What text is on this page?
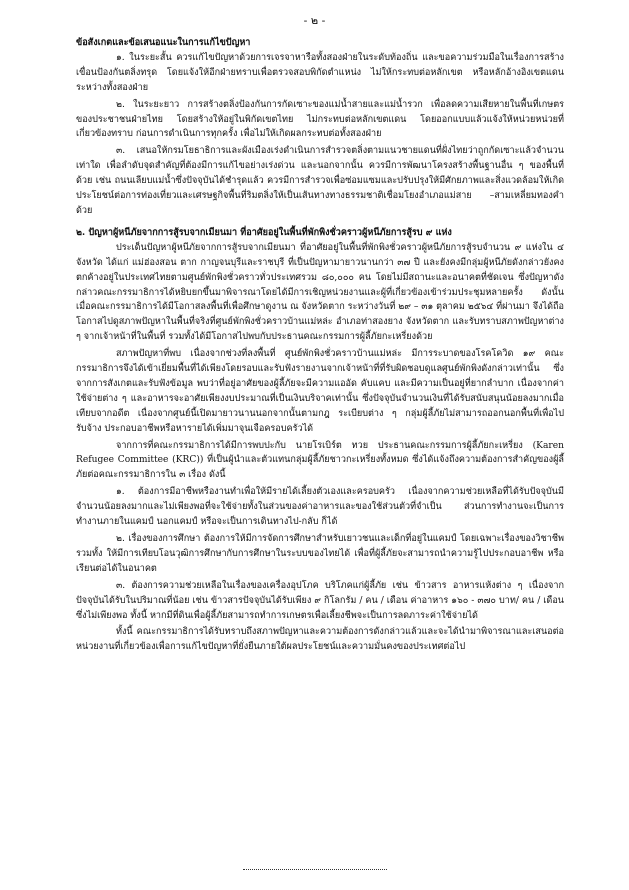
- ๒ -

ข้อสังเกตและข้อเสนอแนะในการแก้ไขปัญหา

๑. ในระยะสั้น ควรแก้ไขปัญหาด้วยการเจรจาหารือทั้งสองฝ่ายในระดับท้องถิ่น และขอความร่วมมือในเรื่องการสร้างเขื่อนป้องกันตลิ่งทรุด โดยแจ้งให้อีกฝ่ายทราบเพื่อตรวจสอบพิกัดตำแหน่ง ไม่ให้กระทบต่อหลักเขต หรือหลักอ้างอิงเขตแดนระหว่างทั้งสองฝ่าย

๒. ในระยะยาว การสร้างตลิ่งป้องกันการกัดเซาะของแม่น้ำสายและแม่น้ำรวก เพื่อลดความเสียหายในพื้นที่เกษตรของประชาชนฝ่ายไทย โดยสร้างให้อยู่ในพิกัดเขตไทย ไม่กระทบต่อหลักเขตแดน โดยออกแบบแล้วแจ้งให้หน่วยหน่วยที่เกี่ยวข้องทราบ ก่อนการดำเนินการทุกครั้ง เพื่อไม่ให้เกิดผลกระทบต่อทั้งสองฝ่าย

๓. เสนอให้กรมโยธาธิการและผังเมืองเร่งดำเนินการสำรวจตลิ่งตามแนวชายแดนที่ฝั่งไทยว่าถูกกัดเซาะแล้วจำนวนเท่าใด เพื่อลำดับจุดสำคัญที่ต้องมีการแก้ไขอย่างเร่งด่วน และนอกจากนั้น ควรมีการพัฒนาโครงสร้างพื้นฐานอื่น ๆ ของพื้นที่ด้วย เช่น ถนนเลียบแม่น้ำซึ่งปัจจุบันได้ชำรุดแล้ว ควรมีการสำรวจเพื่อซ่อมแซมและปรับปรุงให้มีศักยภาพและสิ่งแวดล้อมให้เกิดประโยชน์ต่อการท่องเที่ยวและเศรษฐกิจพื้นที่ริมตลิ่งให้เป็นเส้นทางทางธรรมชาติเชื่อมโยงอำเภอแม่สาย –สามเหลี่ยมทองคำด้วย

๒. ปัญหาผู้หนีภัยจากการสู้รบจากเมียนมา ที่อาศัยอยู่ในพื้นที่พักพิงชั่วคราวผู้หนีภัยการสู้รบ ๙ แห่ง

ประเด็นปัญหาผู้หนีภัยจากการสู้รบจากเมียนมา ที่อาศัยอยู่ในพื้นที่พักพิงชั่วคราวผู้หนีภัยการสู้รบจำนวน ๙ แห่งใน ๔ จังหวัด ได้แก่ แม่ฮ่องสอน ตาก กาญจนบุรีและราชบุรี ที่เป็นปัญหามายาวนานกว่า ๓๗ ปี และยังคงมีกลุ่มผู้หนีภัยดังกล่าวยังคงตกค้างอยู่ในประเทศไทยตามศูนย์พักพิงชั่วคราวทั่วประเทศรวม ๘๐,๐๐๐ คน โดยไม่มีสถานะและอนาคตที่ชัดเจน ซึ่งปัญหาดังกล่าวคณะกรรมาธิการได้หยิบยกขึ้นมาพิจารณาโดยได้มีการเชิญหน่วยงานและผู้ที่เกี่ยวข้องเข้าร่วมประชุมหลายครั้ง ดังนั้น เมื่อคณะกรรมาธิการได้มีโอกาสลงพื้นที่เพื่อศึกษาดูงาน ณ จังหวัดตาก ระหว่างวันที่ ๒๙ – ๓๑ ตุลาคม ๒๕๖๔ ที่ผ่านมา จึงได้ถือโอกาสไปดูสภาพปัญหาในพื้นที่จริงที่ศูนย์พักพิงชั่วคราวบ้านแม่หล่ะ อำเภอท่าสองยาง จังหวัดตาก และรับทราบสภาพปัญหาต่าง ๆ จากเจ้าหน้าที่ในพื้นที่ รวมทั้งได้มีโอกาสไปพบกับประธานคณะกรรมการผู้ลี้ภัยกะเหรี่ยงด้วย

สภาพปัญหาที่พบ เนื่องจากช่วงที่ลงพื้นที่ ศูนย์พักพิงชั่วคราวบ้านแม่หล่ะ มีการระบาดของโรคโควิด ๑๙ คณะกรรมาธิการจึงได้เข้าเยี่ยมพื้นที่ได้เพียงโดยรอบและรับฟังรายงานจากเจ้าหน้าที่ที่รับผิดชอบดูแลศูนย์พักพิงดังกล่าวเท่านั้น ซึ่งจากการสังเกตและรับฟังข้อมูล พบว่าที่อยู่อาศัยของผู้ลี้ภัยจะมีความแออัด คับแคบ และมีความเป็นอยู่ที่ยากลำบาก เนื่องจากค่าใช้จ่ายต่าง ๆ และอาหารจะอาศัยเพียงงบประมาณที่เป็นเงินบริจาคเท่านั้น ซึ่งปัจจุบันจำนวนเงินที่ได้รับสนับสนุนน้อยลงมากเมื่อเทียบจากอดีต เนื่องจากศูนย์นี้เปิดมายาวนานนอกจากนั้นตามกฎ ระเบียบต่าง ๆ กลุ่มผู้ลี้ภัยไม่สามารถออกนอกพื้นที่เพื่อไปรับจ้าง ประกอบอาชีพหรือหารายได้เพิ่มมาจุนเจือครอบครัวได้

จากการที่คณะกรรมาธิการได้มีการพบปะกับ นายโรเบิร์ต ทวย ประธานคณะกรรมการผู้ลี้ภัยกะเหรี่ยง (Karen Refugee Committee (KRC)) ที่เป็นผู้นำและตัวแทนกลุ่มผู้ลี้ภัยชาวกะเหรี่ยงทั้งหมด ซึ่งได้แจ้งถึงความต้องการสำคัญของผู้ลี้ภัยต่อคณะกรรมาธิการใน ๓ เรื่อง ดังนี้

๑. ต้องการมีอาชีพหรืองานทำเพื่อให้มีรายได้เลี้ยงตัวเองและครอบครัว เนื่องจากความช่วยเหลือที่ได้รับปัจจุบันมีจำนวนน้อยลงมากและไม่เพียงพอที่จะใช้จ่ายทั้งในส่วนของค่าอาหารและของใช้ส่วนตัวที่จำเป็น ส่วนการทำงานจะเป็นการทำงานภายในแคมป์ นอกแคมป์ หรือจะเป็นการเดินทางไป-กลับ ก็ได้

๒. เรื่องของการศึกษา ต้องการให้มีการจัดการศึกษาสำหรับเยาวชนและเด็กที่อยู่ในแคมป์ โดยเฉพาะเรื่องของวิชาชีพ รวมทั้ง ให้มีการเทียบโอนวุฒิการศึกษากับการศึกษาในระบบของไทยได้ เพื่อที่ผู้ลี้ภัยจะสามารถนำความรู้ไปประกอบอาชีพ หรือเรียนต่อได้ในอนาคต

๓. ต้องการความช่วยเหลือในเรื่องของเครื่องอุปโภค บริโภคแก่ผู้ลี้ภัย เช่น ข้าวสาร อาหารแห้งต่าง ๆ เนื่องจากปัจจุบันได้รับในปริมาณที่น้อย เช่น ข้าวสารปัจจุบันได้รับเพียง ๙ กิโลกรัม / คน / เดือน ค่าอาหาร ๑๖๐ - ๓๗๐ บาท/ คน / เดือน ซึ่งไม่เพียงพอ ทั้งนี้ หากมีที่ดินเพื่อผู้ลี้ภัยสามารถทำการเกษตรเพื่อเลี้ยงชีพจะเป็นการลดภาระค่าใช้จ่ายได้

ทั้งนี้ คณะกรรมาธิการได้รับทราบถึงสภาพปัญหาและความต้องการดังกล่าวแล้วและจะได้นำมาพิจารณาและเสนอต่อหน่วยงานที่เกี่ยวข้องเพื่อการแก้ไขปัญหาที่ยั่งยืนภายใต้ผลประโยชน์และความมั่นคงของประเทศต่อไป
